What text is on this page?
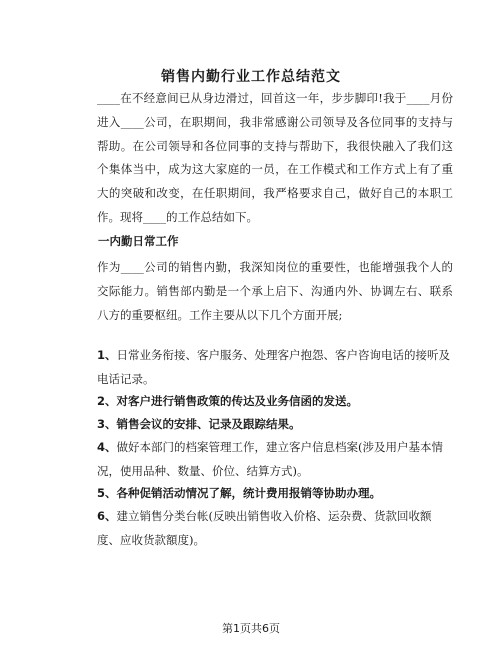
销售内勤行业工作总结范文
____在不经意间已从身边滑过，回首这一年，步步脚印!我于____月份进入____公司，在职期间，我非常感谢公司领导及各位同事的支持与帮助。在公司领导和各位同事的支持与帮助下，我很快融入了我们这个集体当中，成为这大家庭的一员，在工作模式和工作方式上有了重大的突破和改变，在任职期间，我严格要求自己，做好自己的本职工作。现将____的工作总结如下。
一内勤日常工作
作为____公司的销售内勤，我深知岗位的重要性，也能增强我个人的交际能力。销售部内勤是一个承上启下、沟通内外、协调左右、联系八方的重要枢纽。工作主要从以下几个方面开展;
1、日常业务衔接、客户服务、处理客户抱怨、客户咨询电话的接听及电话记录。
2、对客户进行销售政策的传达及业务信函的发送。
3、销售会议的安排、记录及跟踪结果。
4、做好本部门的档案管理工作，建立客户信息档案(涉及用户基本情况，使用品种、数量、价位、结算方式)。
5、各种促销活动情况了解，统计费用报销等协助办理。
6、建立销售分类台帐(反映出销售收入价格、运杂费、货款回收额度、应收货款額度)。
第1页共6页
